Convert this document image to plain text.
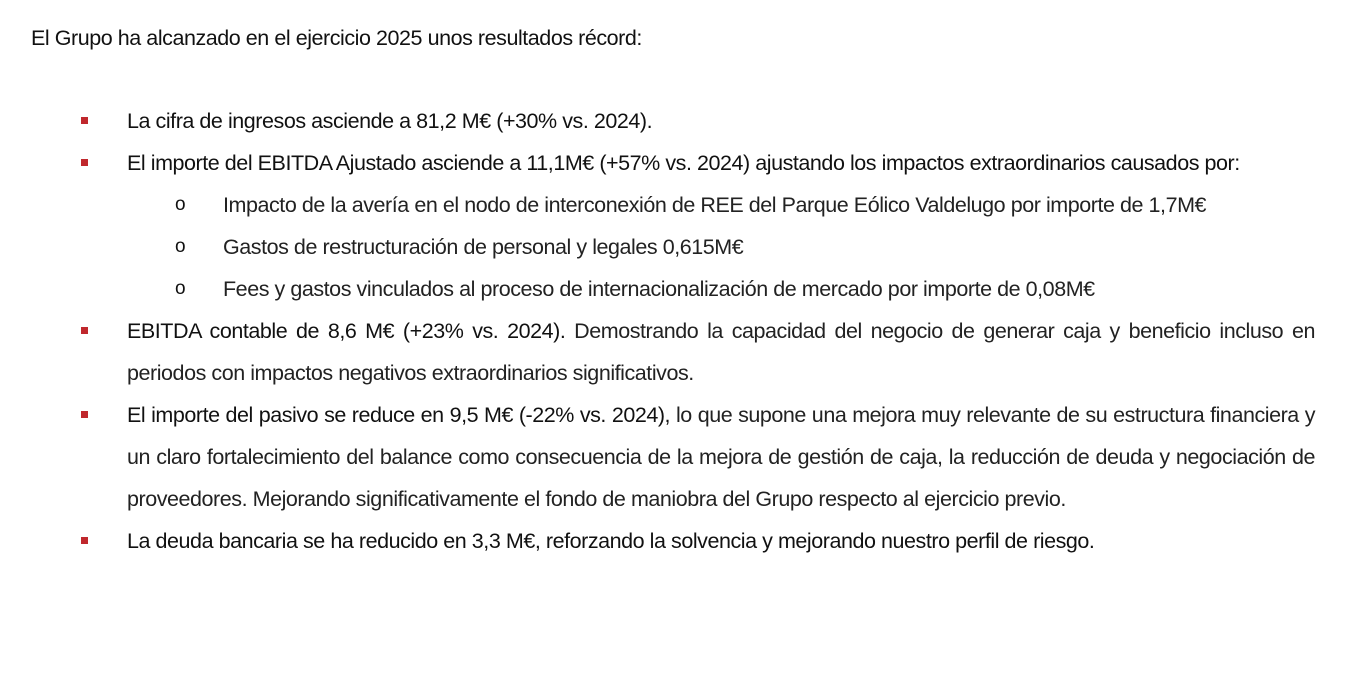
El Grupo ha alcanzado en el ejercicio 2025 unos resultados récord:

La cifra de ingresos asciende a 81,2 M€ (+30% vs. 2024).

El importe del EBITDA Ajustado asciende a 11,1M€ (+57% vs. 2024) ajustando los impactos extraordinarios causados por:

o Impacto de la avería en el nodo de interconexión de REE del Parque Eólico Valdelugo por importe de 1,7M€
o Gastos de restructuración de personal y legales 0,615M€
o Fees y gastos vinculados al proceso de internacionalización de mercado por importe de 0,08M€

EBITDA contable de 8,6 M€ (+23% vs. 2024). Demostrando la capacidad del negocio de generar caja y beneficio incluso en periodos con impactos negativos extraordinarios significativos.

El importe del pasivo se reduce en 9,5 M€ (-22% vs. 2024), lo que supone una mejora muy relevante de su estructura financiera y un claro fortalecimiento del balance como consecuencia de la mejora de gestión de caja, la reducción de deuda y negociación de proveedores. Mejorando significativamente el fondo de maniobra del Grupo respecto al ejercicio previo.

La deuda bancaria se ha reducido en 3,3 M€, reforzando la solvencia y mejorando nuestro perfil de riesgo.
